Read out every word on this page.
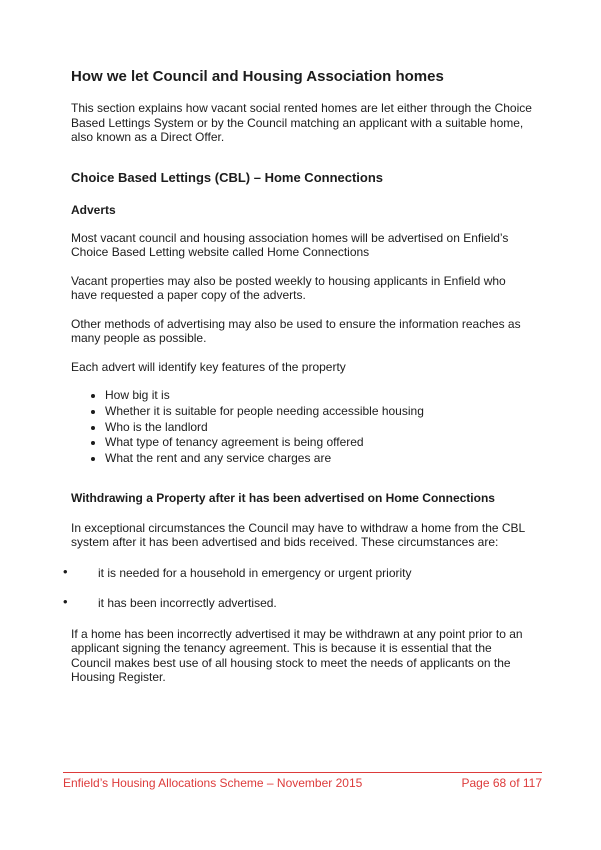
How we let Council and Housing Association homes

This section explains how vacant social rented homes are let either through the Choice Based Lettings System or by the Council matching an applicant with a suitable home, also known as a Direct Offer.

Choice Based Lettings (CBL) – Home Connections
Adverts

Most vacant council and housing association homes will be advertised on Enfield’s Choice Based Letting website called Home Connections

Vacant properties may also be posted weekly to housing applicants in Enfield who have requested a paper copy of the adverts.

Other methods of advertising may also be used to ensure the information reaches as many people as possible.

Each advert will identify key features of the property

• How big it is
• Whether it is suitable for people needing accessible housing
• Who is the landlord
• What type of tenancy agreement is being offered
• What the rent and any service charges are
Withdrawing a Property after it has been advertised on Home Connections

In exceptional circumstances the Council may have to withdraw a home from the CBL system after it has been advertised and bids received. These circumstances are:

• it is needed for a household in emergency or urgent priority
• it has been incorrectly advertised.

If a home has been incorrectly advertised it may be withdrawn at any point prior to an applicant signing the tenancy agreement. This is because it is essential that the Council makes best use of all housing stock to meet the needs of applicants on the Housing Register.

Enfield’s Housing Allocations Scheme – November 2015	Page 68 of 117
